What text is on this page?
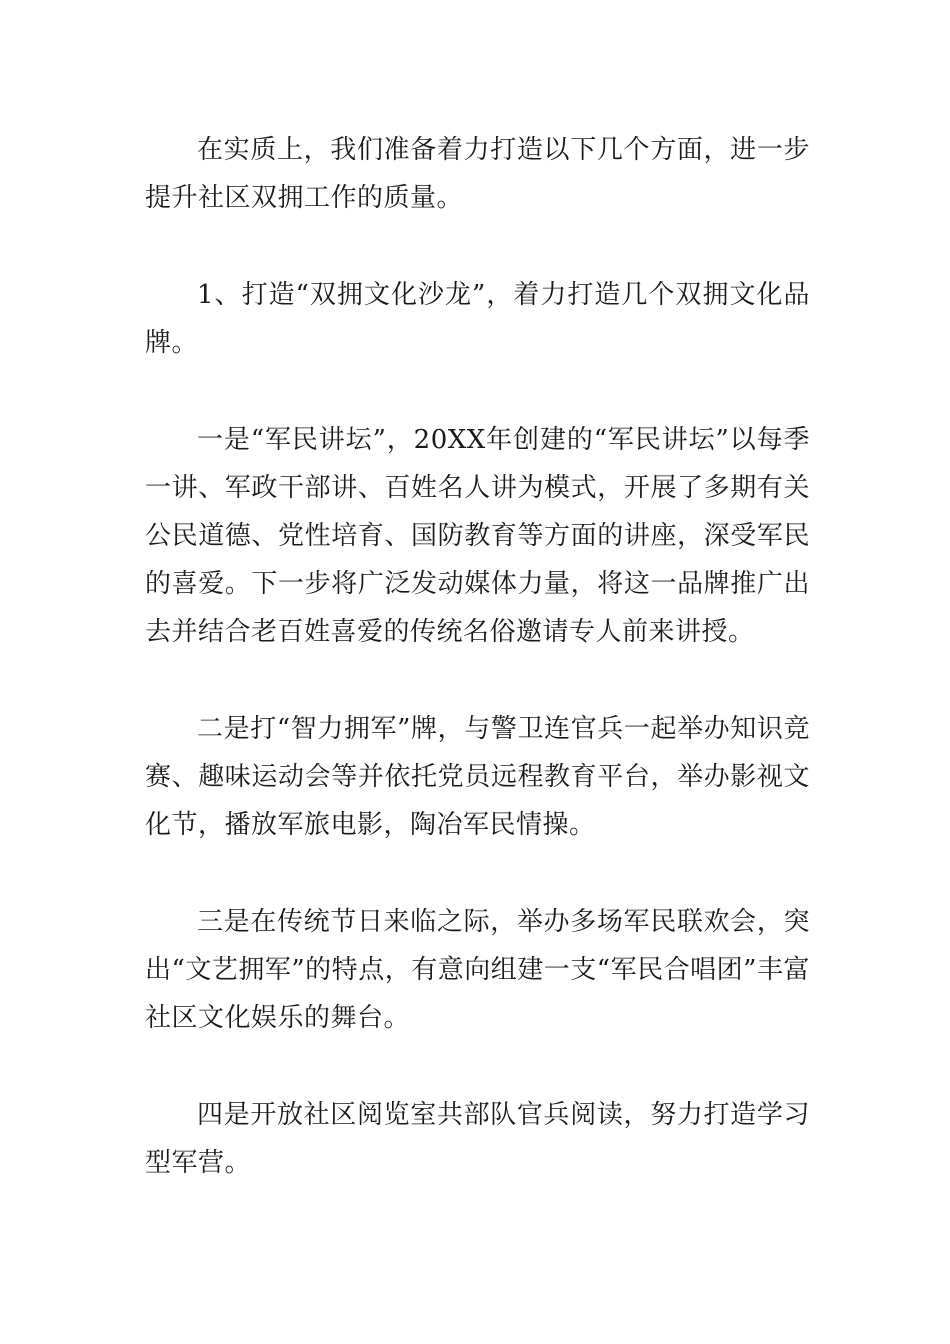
在实质上，我们准备着力打造以下几个方面，进一步提升社区双拥工作的质量。

1、打造“双拥文化沙龙”，着力打造几个双拥文化品牌。

一是“军民讲坛”，20XX年创建的“军民讲坛”以每季一讲、军政干部讲、百姓名人讲为模式，开展了多期有关公民道德、党性培育、国防教育等方面的讲座，深受军民的喜爱。下一步将广泛发动媒体力量，将这一品牌推广出去并结合老百姓喜爱的传统名俗邀请专人前来讲授。

二是打“智力拥军”牌，与警卫连官兵一起举办知识竞赛、趣味运动会等并依托党员远程教育平台，举办影视文化节，播放军旅电影，陶冶军民情操。

三是在传统节日来临之际，举办多场军民联欢会，突出“文艺拥军”的特点，有意向组建一支“军民合唱团”丰富社区文化娱乐的舞台。

四是开放社区阅览室共部队官兵阅读，努力打造学习型军营。
